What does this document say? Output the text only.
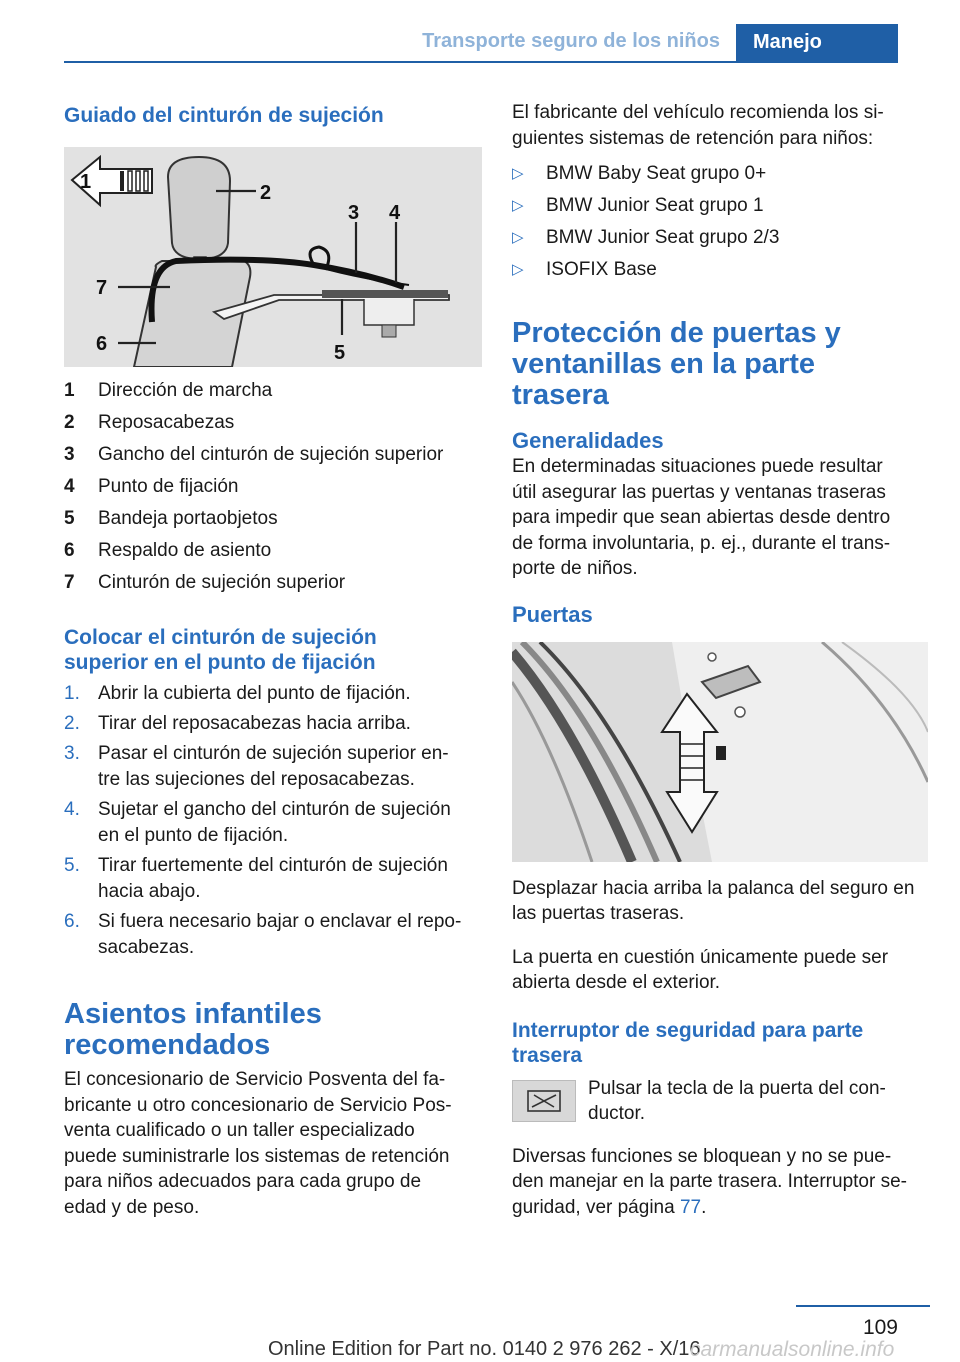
Transporte seguro de los niños	Manejo
Guiado del cinturón de sujeción
1	2
3 4
5
6
7
1	Dirección de marcha
2	Reposacabezas
3	Gancho del cinturón de sujeción superior
4	Punto de fijación
5	Bandeja portaobjetos
6	Respaldo de asiento
7	Cinturón de sujeción superior
Colocar el cinturón de sujeción
superior en el punto de fijación
1. Abrir la cubierta del punto de fijación.
2. Tirar del reposacabezas hacia arriba.
3. Pasar el cinturón de sujeción superior en-
tre las sujeciones del reposacabezas.
4. Sujetar el gancho del cinturón de sujeción
en el punto de fijación.
5. Tirar fuertemente del cinturón de sujeción
hacia abajo.
6. Si fuera necesario bajar o enclavar el repo-
sacabezas.
Asientos infantiles
recomendados

El concesionario de Servicio Posventa del fa-
bricante u otro concesionario de Servicio Pos-
venta cualificado o un taller especializado
puede suministrarle los sistemas de retención
para niños adecuados para cada grupo de
edad y de peso.

El fabricante del vehículo recomienda los si-
guientes sistemas de retención para niños:

▷	BMW Baby Seat grupo 0+
▷	BMW Junior Seat grupo 1
▷	BMW Junior Seat grupo 2/3
▷	ISOFIX Base
Protección de puertas y
ventanillas en la parte
trasera
Generalidades

En determinadas situaciones puede resultar
útil asegurar las puertas y ventanas traseras
para impedir que sean abiertas desde dentro
de forma involuntaria, p. ej., durante el trans-
porte de niños.

Puertas

Desplazar hacia arriba la palanca del seguro en
las puertas traseras.

La puerta en cuestión únicamente puede ser
abierta desde el exterior.

Interruptor de seguridad para parte
trasera

Pulsar la tecla de la puerta del con-
ductor.

Diversas funciones se bloquean y no se pue-
den manejar en la parte trasera. Interruptor se-
guridad, ver página 77.

109
Online Edition for Part no. 0140 2 976 262 - X/16
carmanualsonline.info
